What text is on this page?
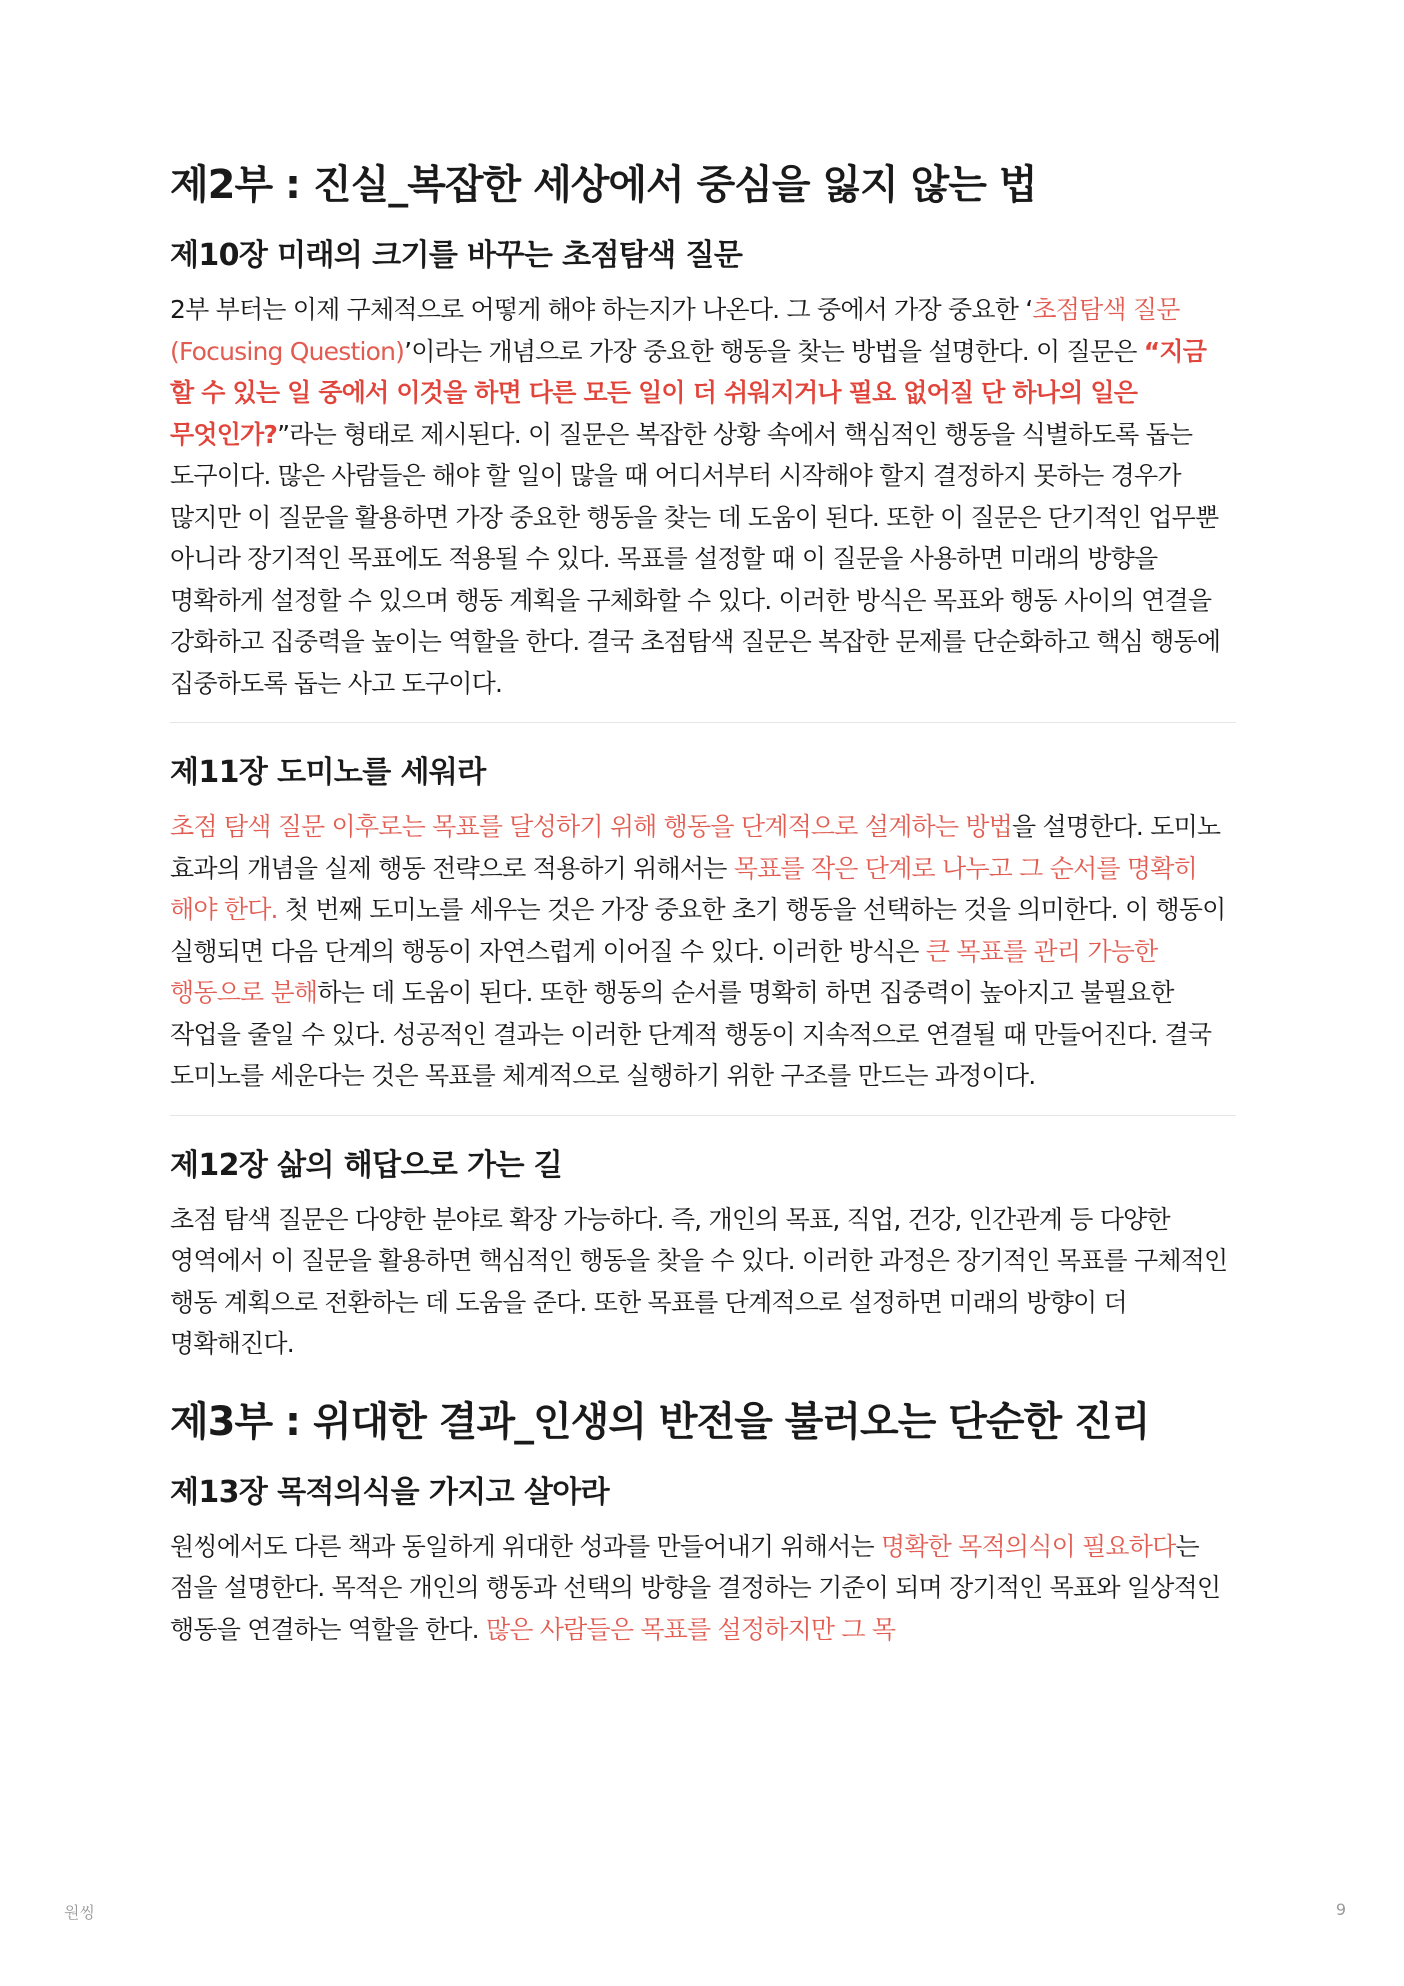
제2부 : 진실_복잡한 세상에서 중심을 잃지 않는 법
제10장 미래의 크기를 바꾸는 초점탐색 질문

2부 부터는 이제 구체적으로 어떻게 해야 하는지가 나온다. 그 중에서 가장 중요한 ‘초점탐색 질문(Focusing Question)’이라는 개념으로 가장 중요한 행동을 찾는 방법을 설명한다. 이 질문은 “지금 할 수 있는 일 중에서 이것을 하면 다른 모든 일이 더 쉬워지거나 필요 없어질 단 하나의 일은 무엇인가?”라는 형태로 제시된다. 이 질문은 복잡한 상황 속에서 핵심적인 행동을 식별하도록 돕는 도구이다. 많은 사람들은 해야 할 일이 많을 때 어디서부터 시작해야 할지 결정하지 못하는 경우가 많지만 이 질문을 활용하면 가장 중요한 행동을 찾는 데 도움이 된다. 또한 이 질문은 단기적인 업무뿐 아니라 장기적인 목표에도 적용될 수 있다. 목표를 설정할 때 이 질문을 사용하면 미래의 방향을 명확하게 설정할 수 있으며 행동 계획을 구체화할 수 있다. 이러한 방식은 목표와 행동 사이의 연결을 강화하고 집중력을 높이는 역할을 한다. 결국 초점탐색 질문은 복잡한 문제를 단순화하고 핵심 행동에 집중하도록 돕는 사고 도구이다.

제11장 도미노를 세워라

초점 탐색 질문 이후로는 목표를 달성하기 위해 행동을 단계적으로 설계하는 방법을 설명한다. 도미노 효과의 개념을 실제 행동 전략으로 적용하기 위해서는 목표를 작은 단계로 나누고 그 순서를 명확히 해야 한다. 첫 번째 도미노를 세우는 것은 가장 중요한 초기 행동을 선택하는 것을 의미한다. 이 행동이 실행되면 다음 단계의 행동이 자연스럽게 이어질 수 있다. 이러한 방식은 큰 목표를 관리 가능한 행동으로 분해하는 데 도움이 된다. 또한 행동의 순서를 명확히 하면 집중력이 높아지고 불필요한 작업을 줄일 수 있다. 성공적인 결과는 이러한 단계적 행동이 지속적으로 연결될 때 만들어진다. 결국 도미노를 세운다는 것은 목표를 체계적으로 실행하기 위한 구조를 만드는 과정이다.

제12장 삶의 해답으로 가는 길

초점 탐색 질문은 다양한 분야로 확장 가능하다. 즉, 개인의 목표, 직업, 건강, 인간관계 등 다양한 영역에서 이 질문을 활용하면 핵심적인 행동을 찾을 수 있다. 이러한 과정은 장기적인 목표를 구체적인 행동 계획으로 전환하는 데 도움을 준다. 또한 목표를 단계적으로 설정하면 미래의 방향이 더 명확해진다.

제3부 : 위대한 결과_인생의 반전을 불러오는 단순한 진리
제13장 목적의식을 가지고 살아라

원씽에서도 다른 책과 동일하게 위대한 성과를 만들어내기 위해서는 명확한 목적의식이 필요하다는 점을 설명한다. 목적은 개인의 행동과 선택의 방향을 결정하는 기준이 되며 장기적인 목표와 일상적인 행동을 연결하는 역할을 한다. 많은 사람들은 목표를 설정하지만 그 목

원씽	9
